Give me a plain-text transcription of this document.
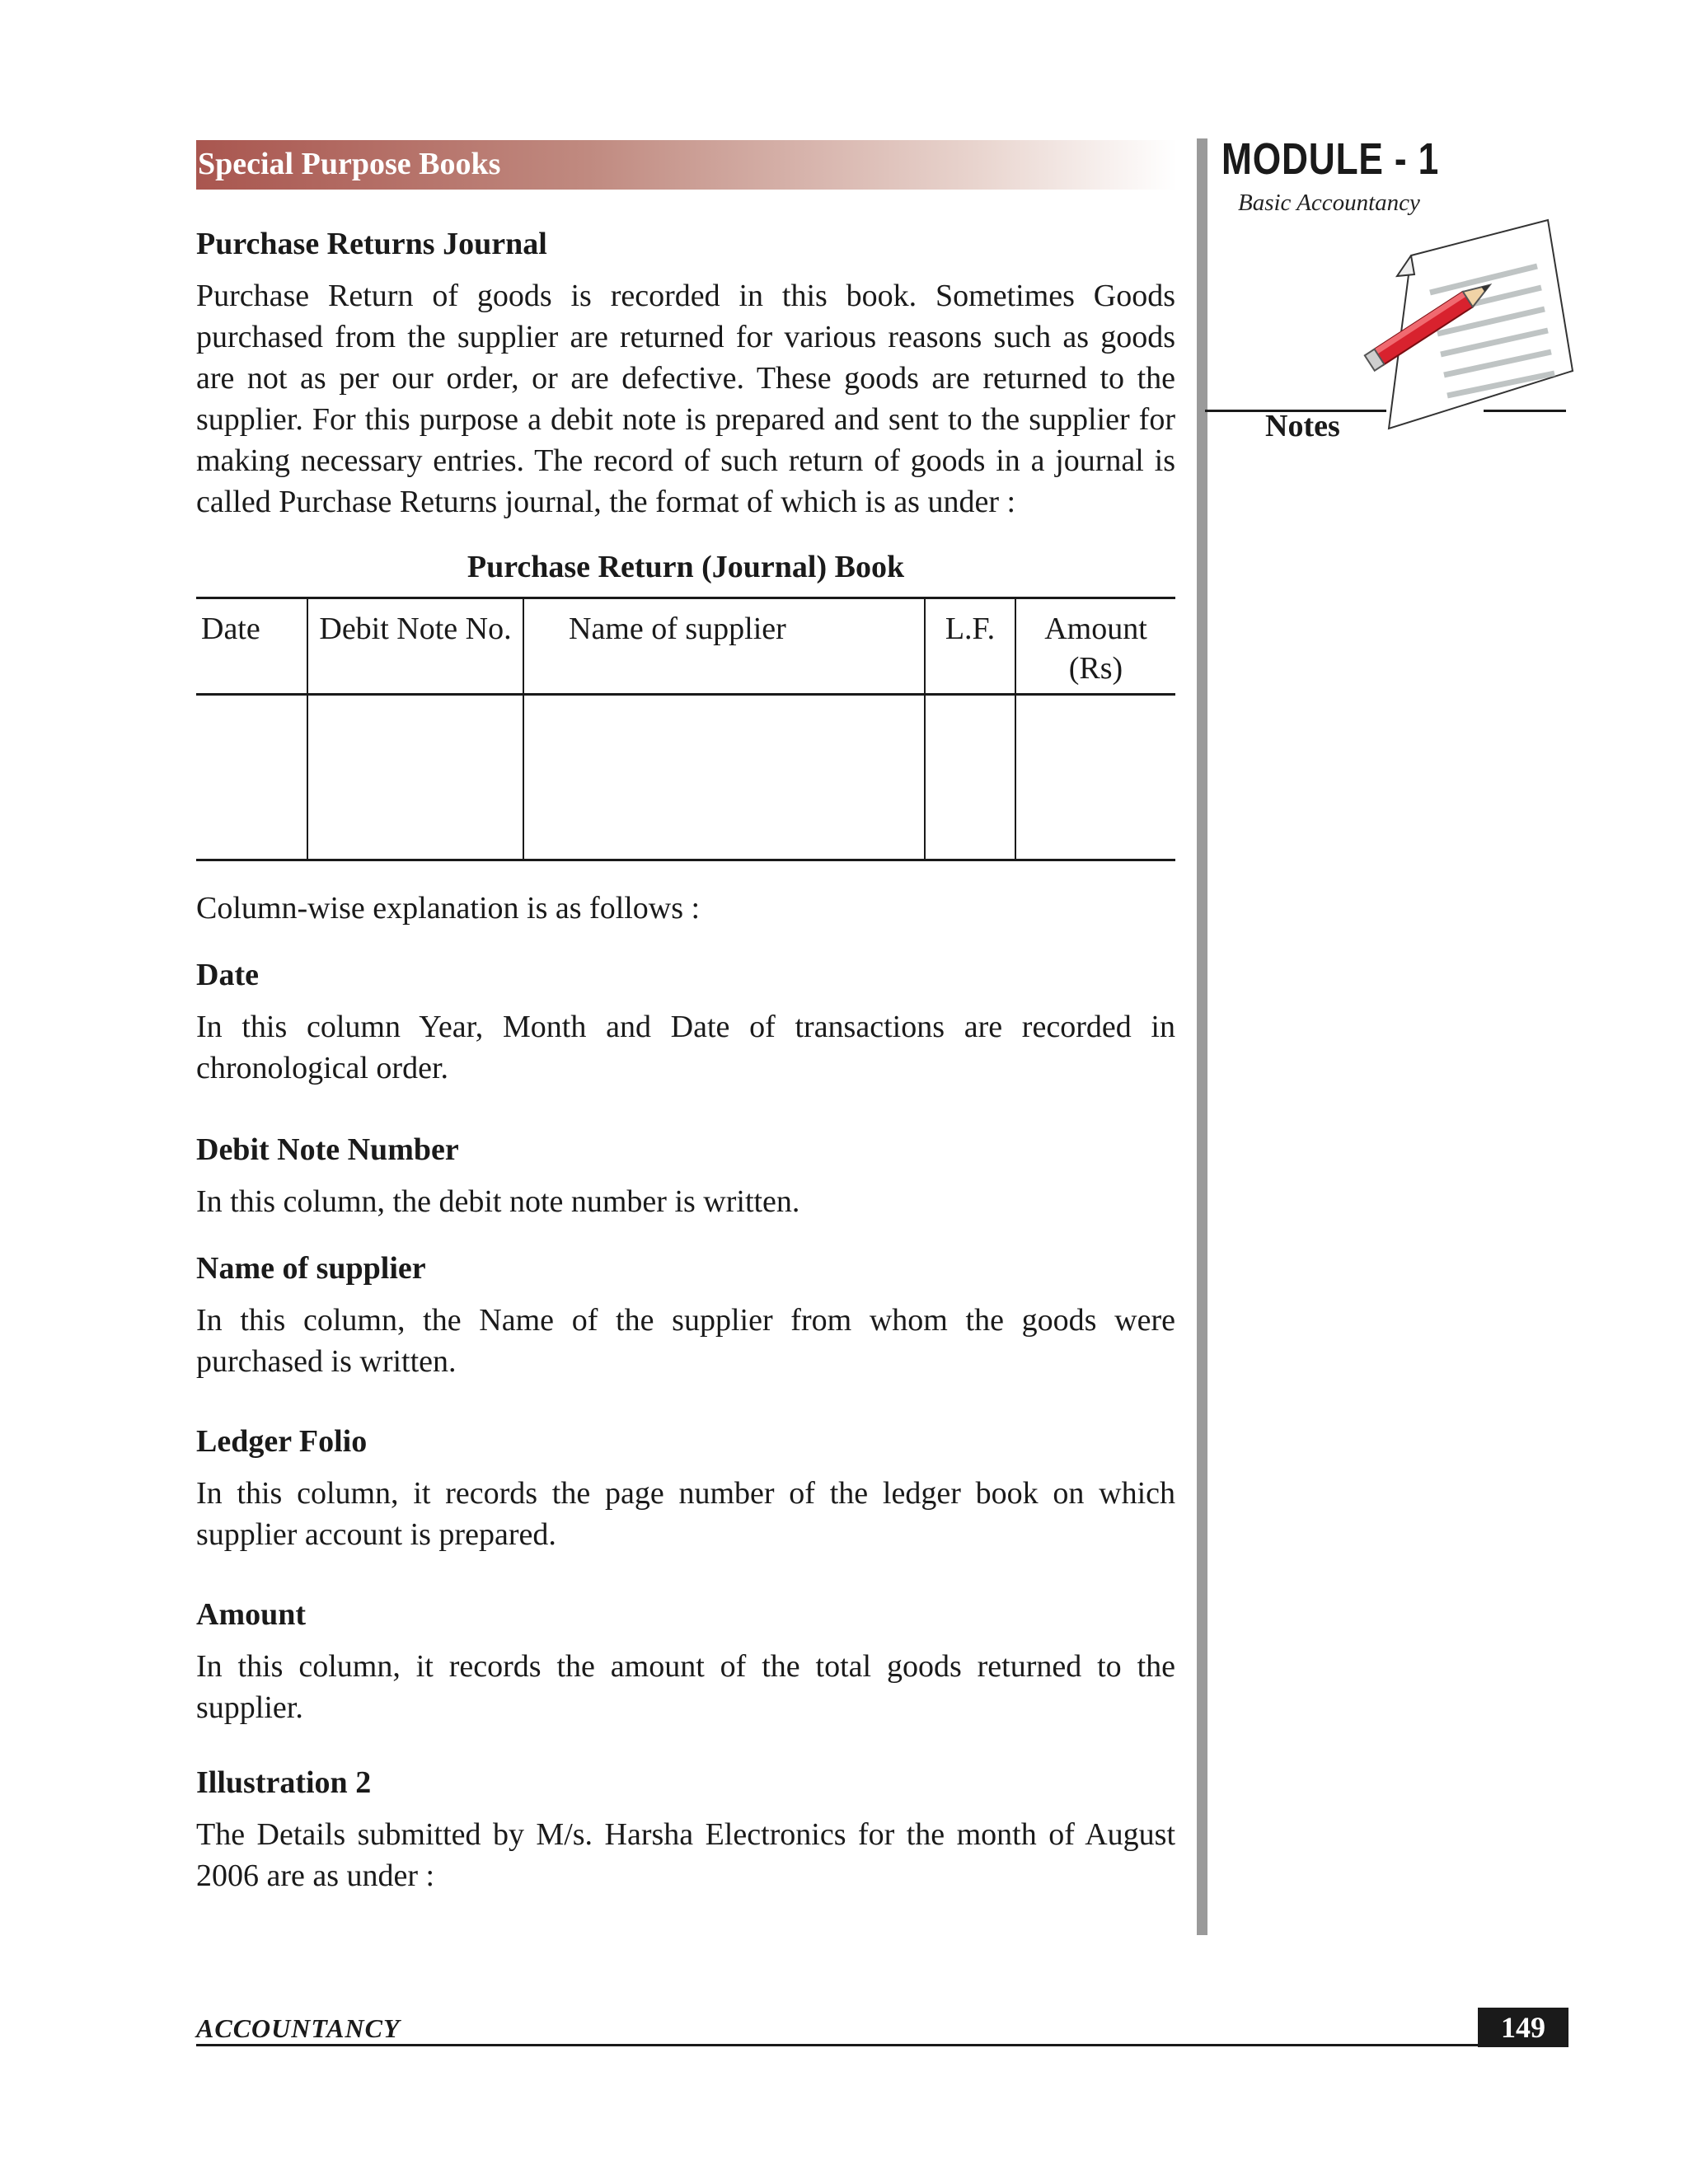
Special Purpose Books	MODULE - 1
Basic Accountancy
Notes
Purchase Returns Journal

Purchase Return of goods is recorded in this book. Sometimes Goods purchased from the supplier are returned for various reasons such as goods are not as per our order, or are defective. These goods are returned to the supplier. For this purpose a debit note is prepared and sent to the supplier for making necessary entries. The record of such return of goods in a journal is called Purchase Returns journal, the format of which is as under :

Purchase Return (Journal) Book
Date	Debit Note No.	Name of supplier	L.F.	Amount (Rs)

Column-wise explanation is as follows :

Date

In this column Year, Month and Date of transactions are recorded in chronological order.

Debit Note Number

In this column, the debit note number is written.

Name of supplier

In this column, the Name of the supplier from whom the goods were purchased is written.

Ledger Folio

In this column, it records the page number of the ledger book on which supplier account is prepared.

Amount

In this column, it records the amount of the total goods returned to the supplier.

Illustration 2

The Details submitted by M/s. Harsha Electronics for the month of August 2006 are as under :

ACCOUNTANCY	149
